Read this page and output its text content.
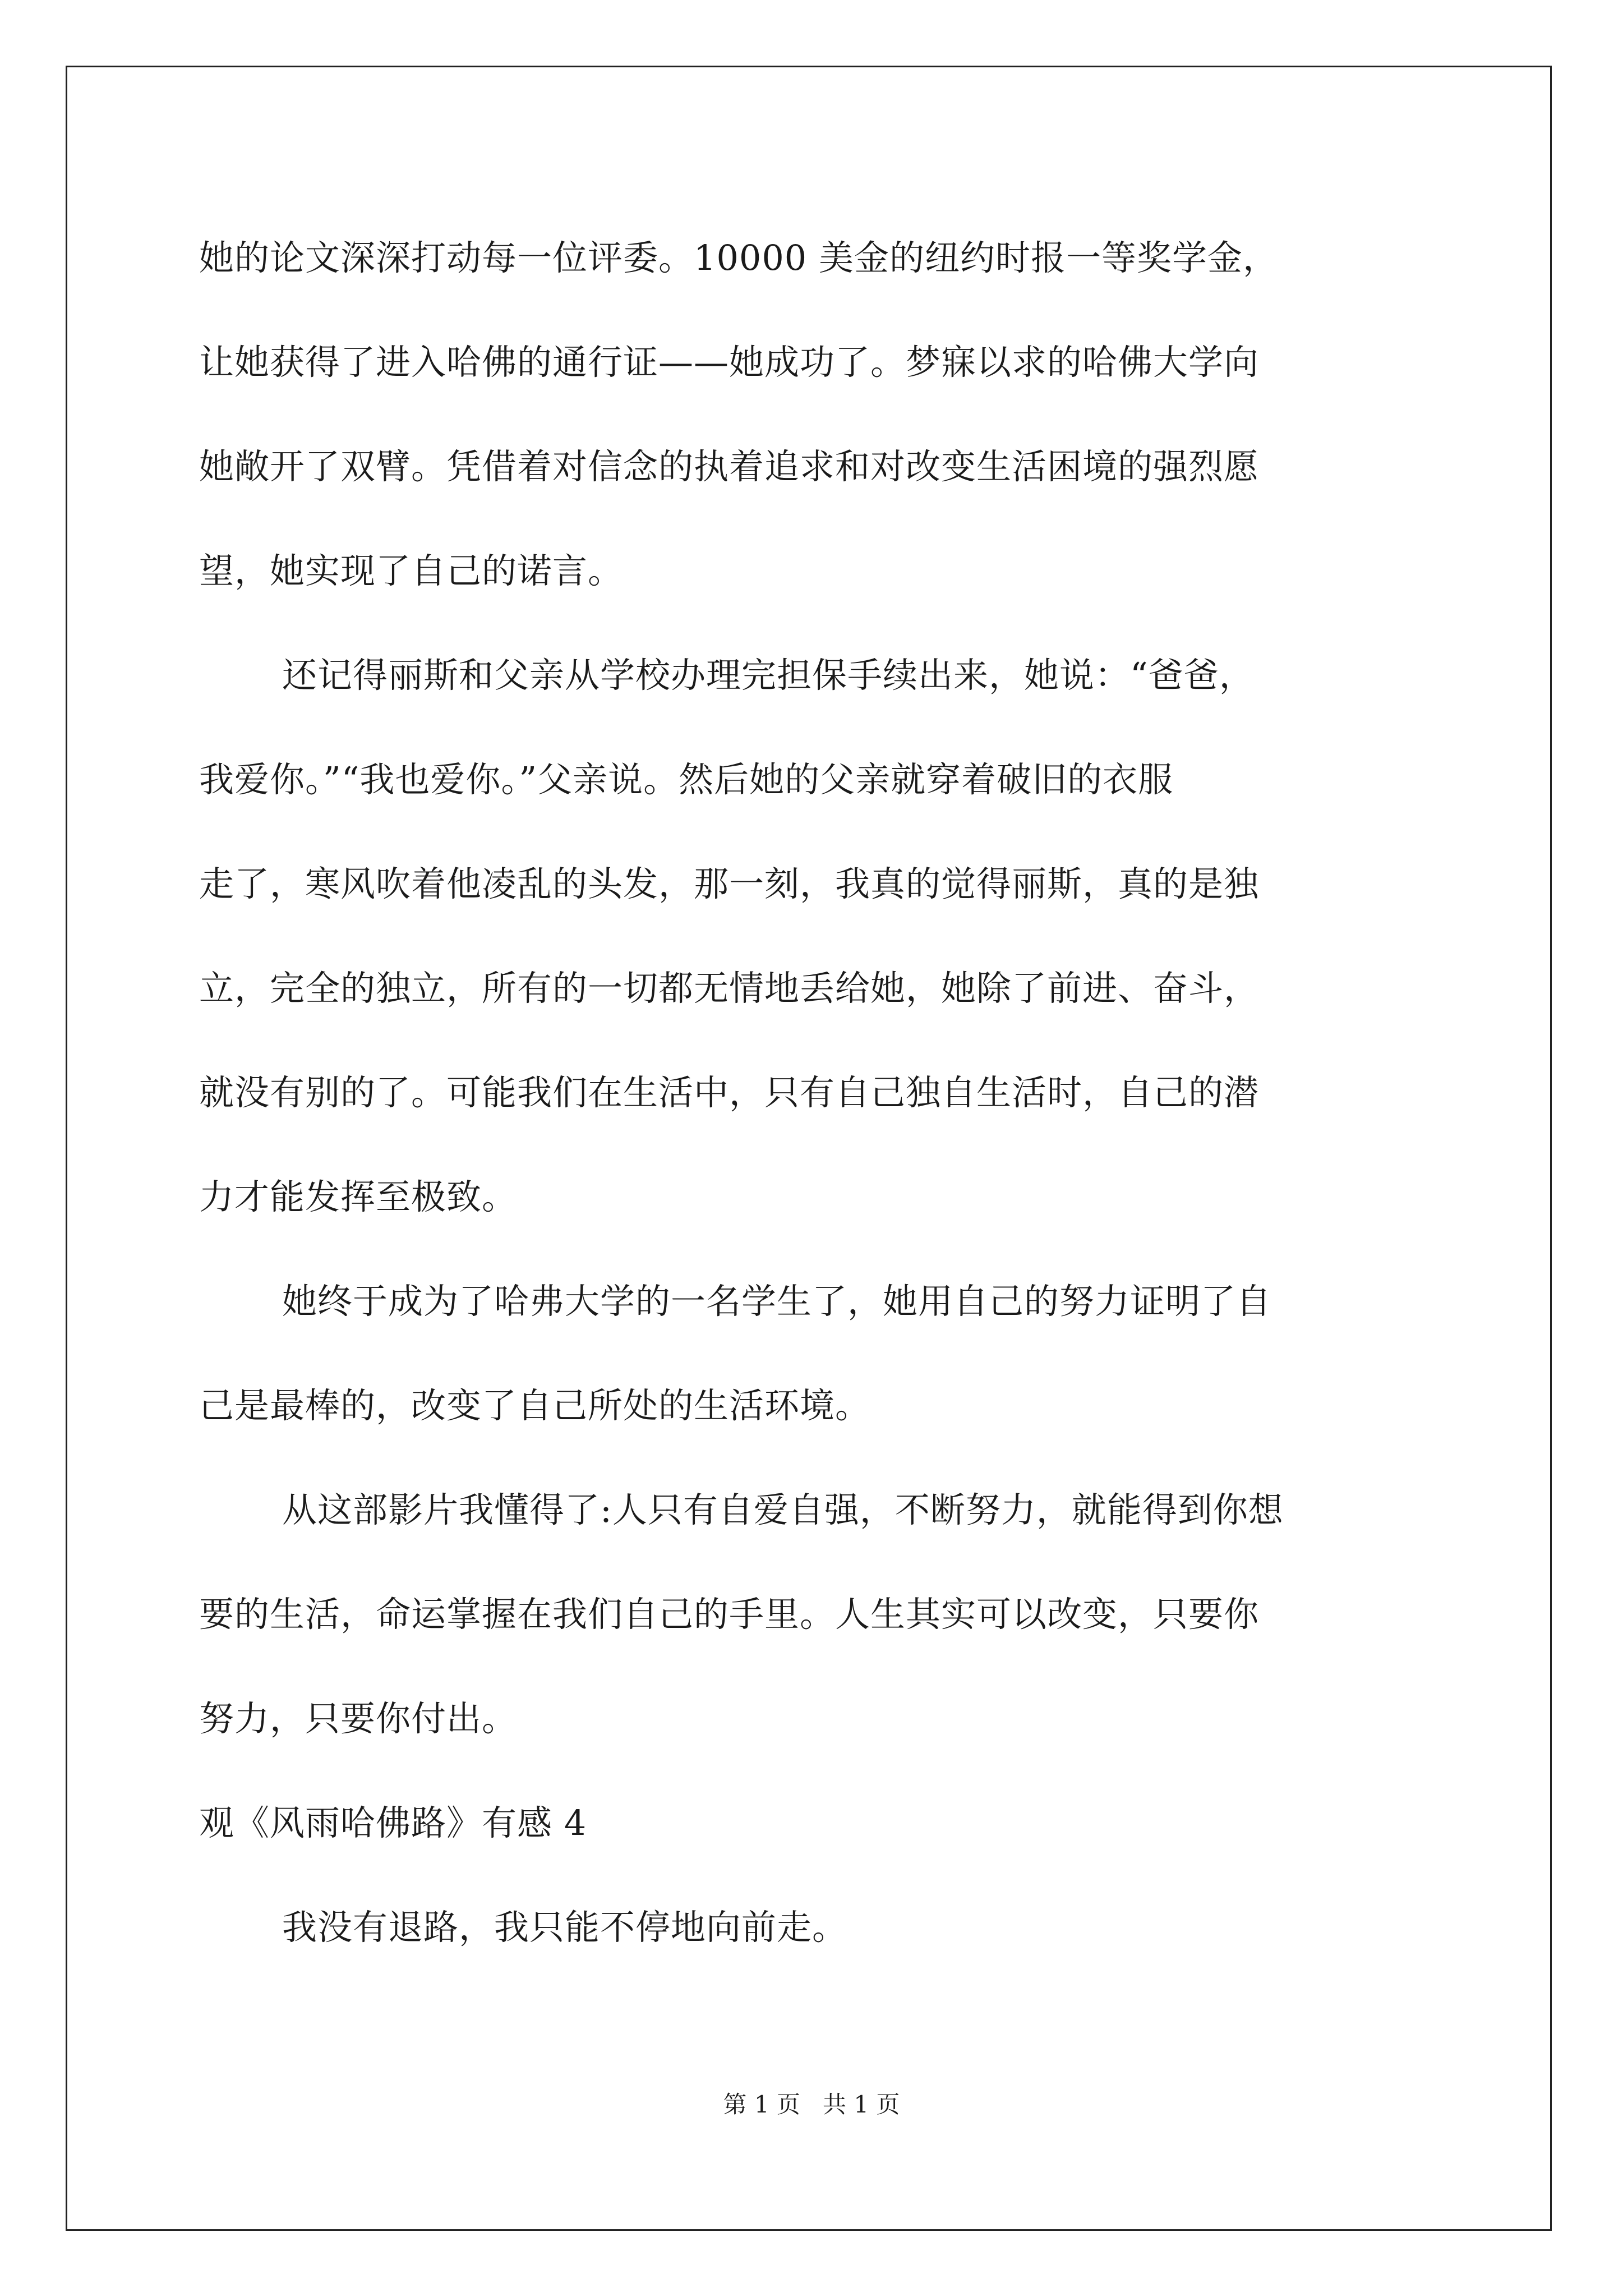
她的论文深深打动每一位评委。10000 美金的纽约时报一等奖学金，
让她获得了进入哈佛的通行证——她成功了。梦寐以求的哈佛大学向
她敞开了双臂。凭借着对信念的执着追求和对改变生活困境的强烈愿
望，她实现了自己的诺言。
还记得丽斯和父亲从学校办理完担保手续出来，她说：“爸爸，
我爱你。”“我也爱你。”父亲说。然后她的父亲就穿着破旧的衣服
走了，寒风吹着他凌乱的头发，那一刻，我真的觉得丽斯，真的是独
立，完全的独立，所有的一切都无情地丢给她，她除了前进、奋斗，
就没有别的了。可能我们在生活中，只有自己独自生活时，自己的潜
力才能发挥至极致。
她终于成为了哈弗大学的一名学生了，她用自己的努力证明了自
己是最棒的，改变了自己所处的生活环境。
从这部影片我懂得了:人只有自爱自强，不断努力，就能得到你想
要的生活，命运掌握在我们自己的手里。人生其实可以改变，只要你
努力，只要你付出。
观《风雨哈佛路》有感 4
我没有退路，我只能不停地向前走。
第 1 页   共 1 页
